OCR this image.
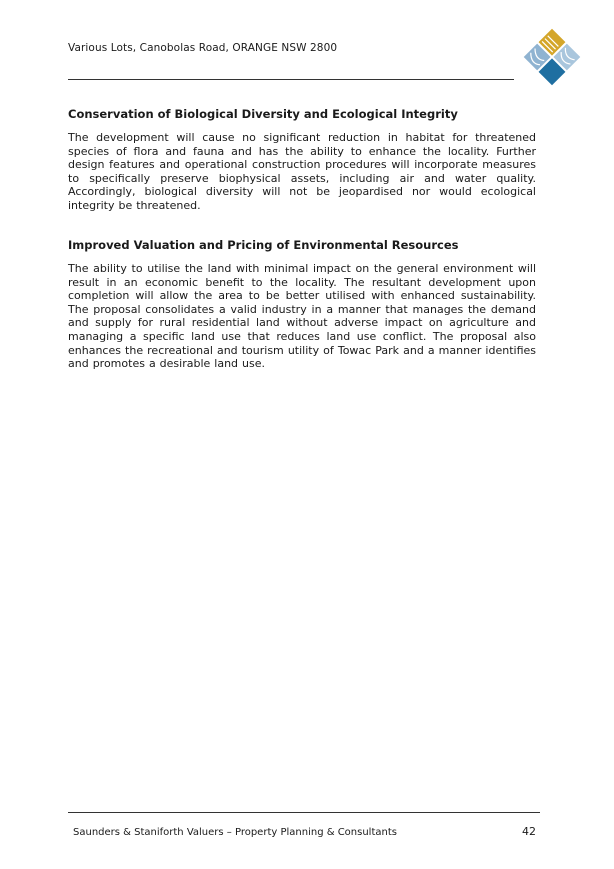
Various Lots, Canobolas Road, ORANGE NSW 2800
Conservation of Biological Diversity and Ecological Integrity

The development will cause no significant reduction in habitat for threatened species of flora and fauna and has the ability to enhance the locality. Further design features and operational construction procedures will incorporate measures to specifically preserve biophysical assets, including air and water quality. Accordingly, biological diversity will not be jeopardised nor would ecological integrity be threatened.

Improved Valuation and Pricing of Environmental Resources

The ability to utilise the land with minimal impact on the general environment will result in an economic benefit to the locality. The resultant development upon completion will allow the area to be better utilised with enhanced sustainability. The proposal consolidates a valid industry in a manner that manages the demand and supply for rural residential land without adverse impact on agriculture and managing a specific land use that reduces land use conflict. The proposal also enhances the recreational and tourism utility of Towac Park and a manner identifies and promotes a desirable land use.

Saunders & Staniforth Valuers – Property Planning & Consultants	42
